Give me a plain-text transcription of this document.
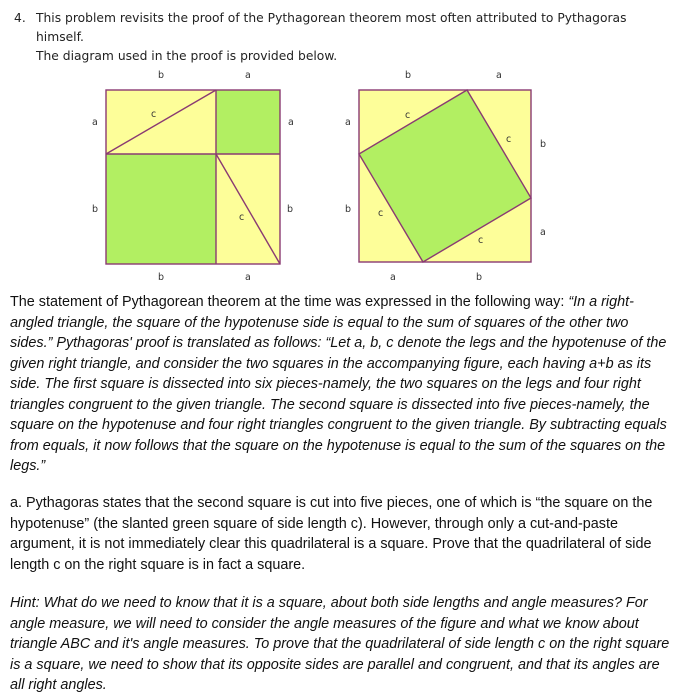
4. This problem revisits the proof of the Pythagorean theorem most often attributed to Pythagoras himself.
The diagram used in the proof is provided below.
b	a
a
b
a
b
b	a
c
c
b	a
a
b
b
a
a	b
c
c
c
c
The statement of Pythagorean theorem at the time was expressed in the following way: “In a right-angled triangle, the square of the hypotenuse side is equal to the sum of squares of the other two sides.” Pythagoras' proof is translated as follows: “Let a, b, c denote the legs and the hypotenuse of the given right triangle, and consider the two squares in the accompanying figure, each having a+b as its side. The first square is dissected into six pieces-namely, the two squares on the legs and four right triangles congruent to the given triangle. The second square is dissected into five pieces-namely, the square on the hypotenuse and four right triangles congruent to the given triangle. By subtracting equals from equals, it now follows that the square on the hypotenuse is equal to the sum of the squares on the legs.”
a. Pythagoras states that the second square is cut into five pieces, one of which is “the square on the hypotenuse” (the slanted green square of side length c). However, through only a cut-and-paste argument, it is not immediately clear this quadrilateral is a square. Prove that the quadrilateral of side length c on the right square is in fact a square.
Hint: What do we need to know that it is a square, about both side lengths and angle measures? For angle measure, we will need to consider the angle measures of the figure and what we know about triangle ABC and it's angle measures. To prove that the quadrilateral of side length c on the right square is a square, we need to show that its opposite sides are parallel and congruent, and that its angles are all right angles.
